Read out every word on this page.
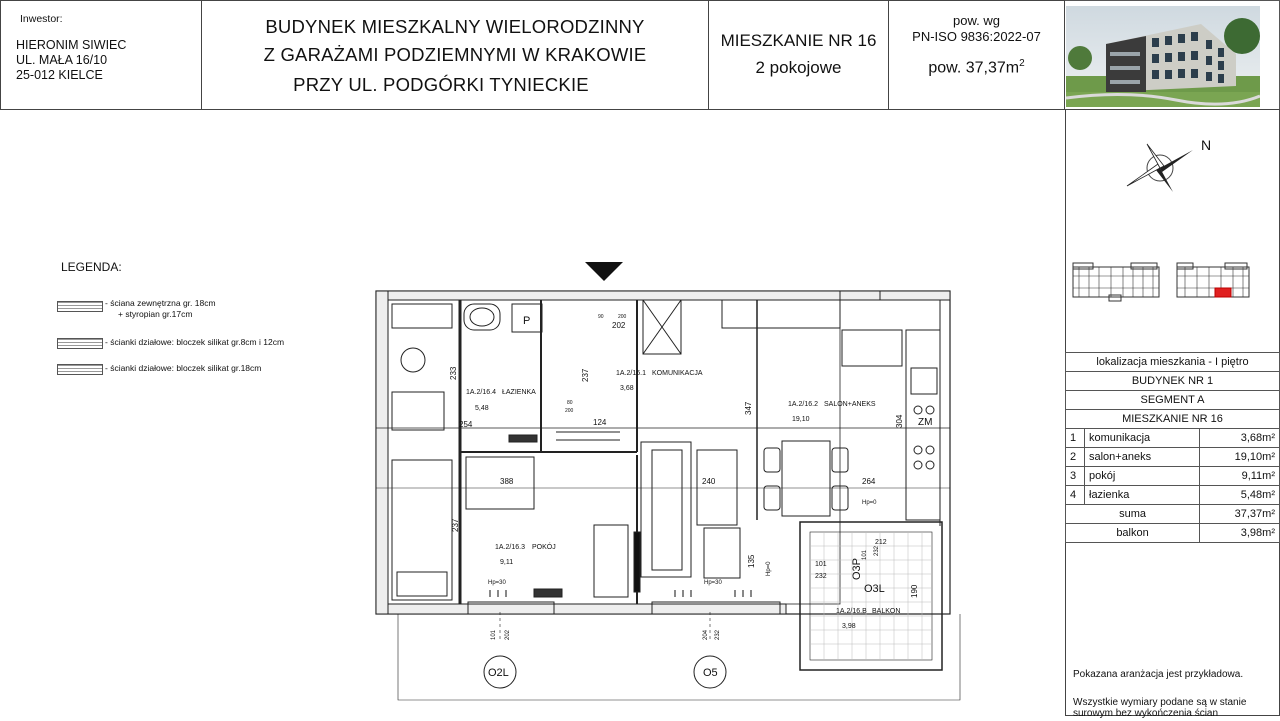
Inwestor:
HIERONIM SIWIEC
UL. MAŁA 16/10
25-012 KIELCE
BUDYNEK MIESZKALNY WIELORODZINNY
Z GARAŻAMI PODZIEMNYMI W KRAKOWIE
PRZY UL. PODGÓRKI TYNIECKIE
MIESZKANIE NR 16
2 pokojowe
pow. wg
PN-ISO 9836:2022-07
pow. $37,37m^2$
N
lokalizacja mieszkania - I piętro		
BUDYNEK NR 1		
SEGMENT A		
MIESZKANIE NR 16		
1	komunikacja	3,68m²
2	salon+aneks	19,10m²
3	pokój	9,11m²
4	łazienka	5,48m²
suma		37,37m²
balkon		3,98m²
Pokazana aranżacja jest przykładowa.
Wszystkie wymiary podane są w stanie
surowym bez wykończenia ścian
LEGENDA:
- ściana zewnętrzna gr. 18cm
+ styropian gr.17cm
- ścianki działowe: bloczek silikat gr.8cm i 12cm
- ścianki działowe: bloczek silikat gr.18cm
1A.2/16.1 KOMUNIKACJA
3,68
1A.2/16.2 SALON+ANEKS
19,10
1A.2/16.3 POKÓJ
9,11
1A.2/16.4 ŁAZIENKA
5,48
1A.2/16.B BALKON
3,98
233	237
202
90	200
80
200
254	124
388	240
347
264
304
237
135	101
232
190
212
101 232
101 202	204 232
Hp=30	Hp=30
Hp=0
Hp=0
O3P
O3L
O2L	O5
ZM
P
